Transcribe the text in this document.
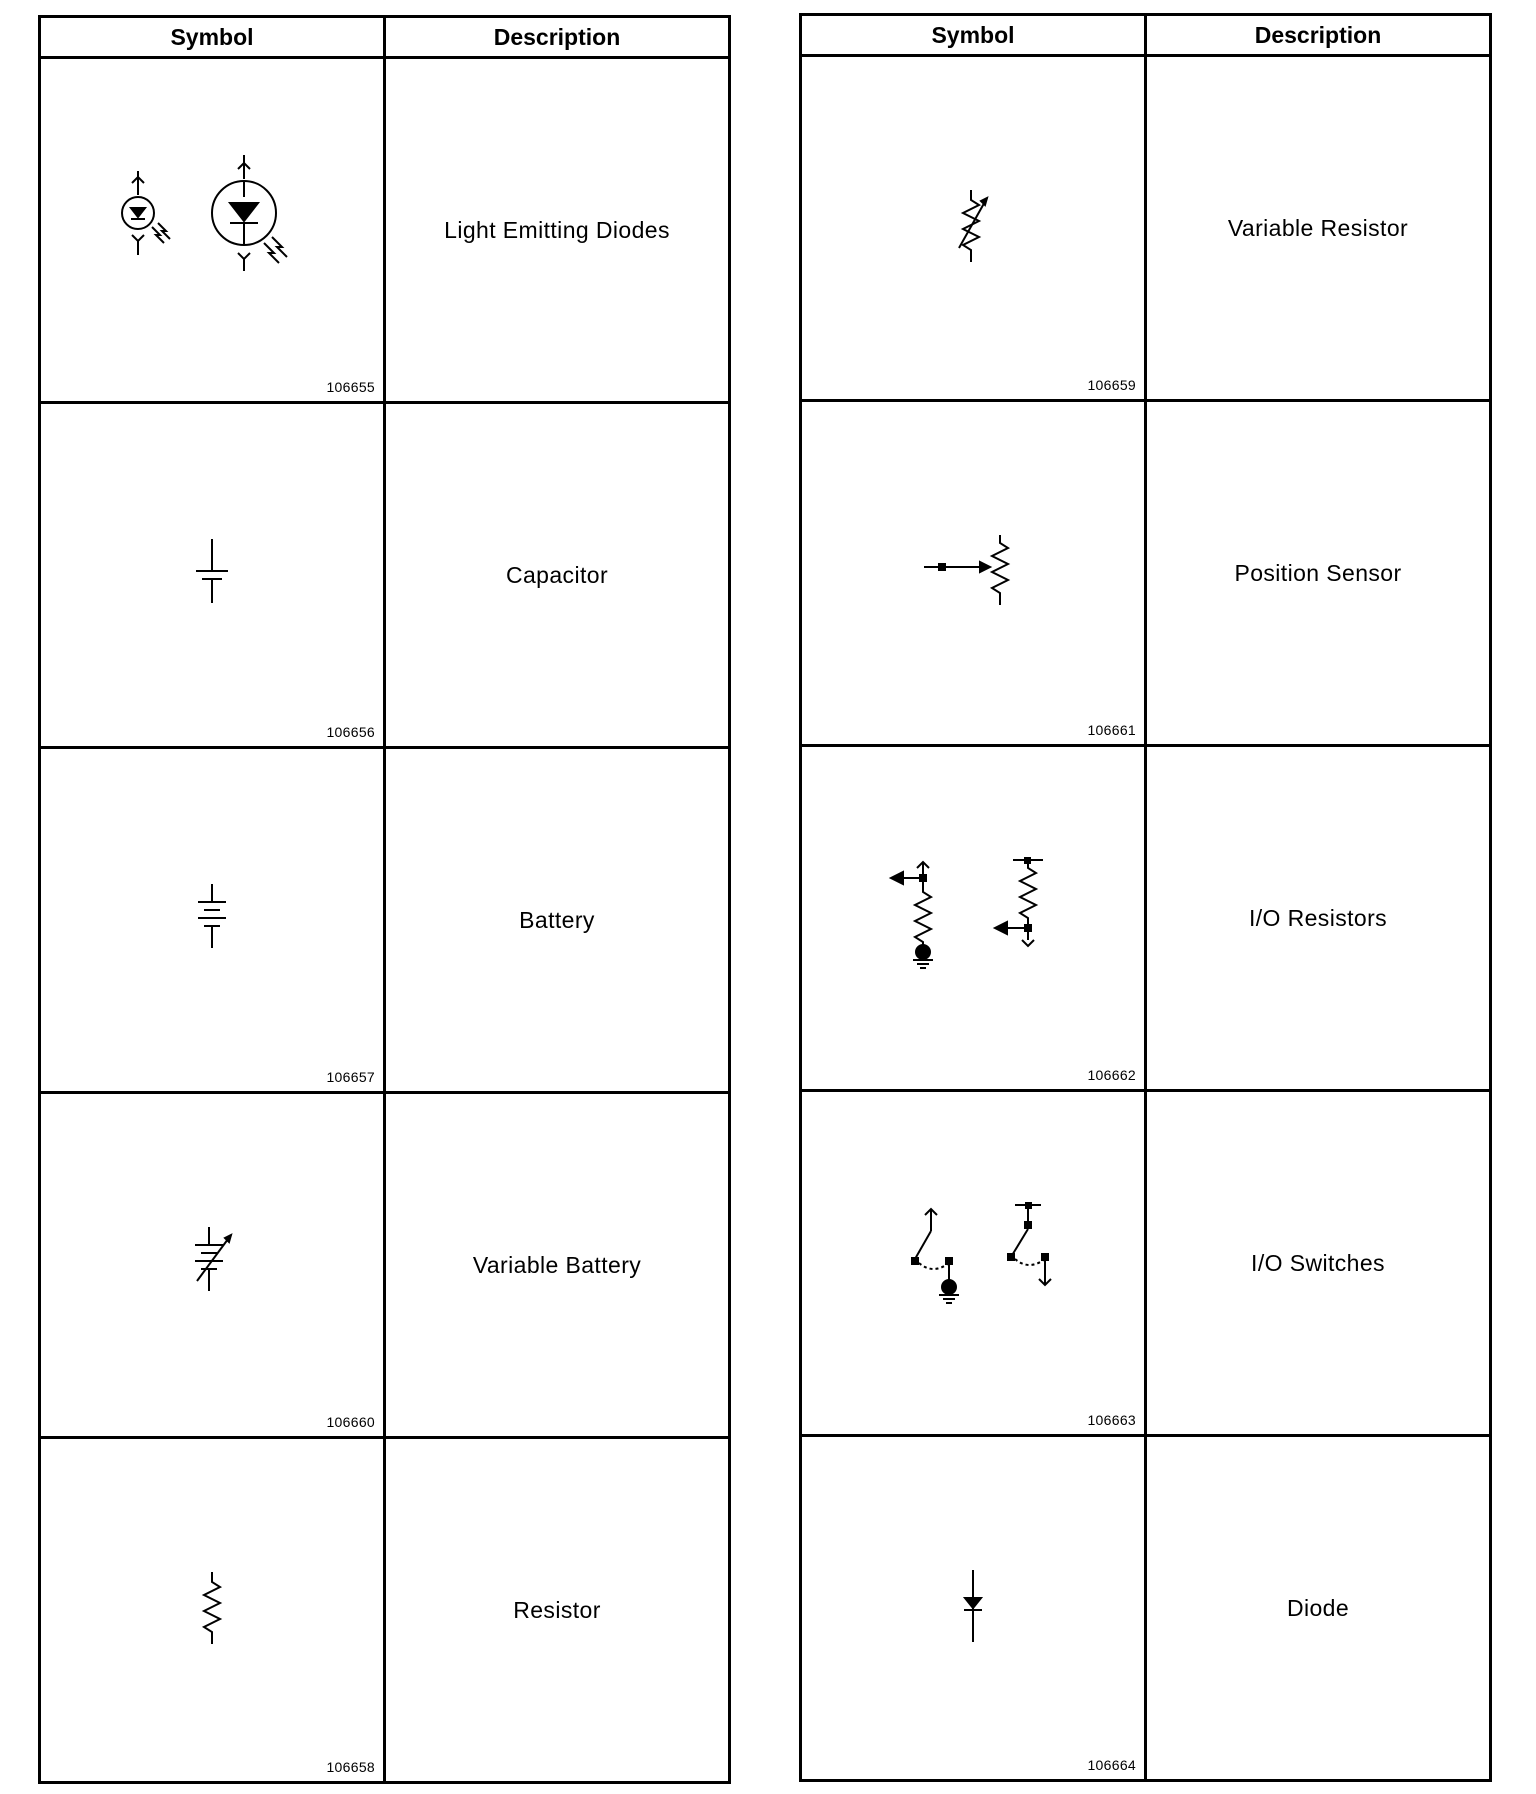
Symbol	Description

106655	Light Emitting Diodes

106656	Capacitor

106657	Battery

106660	Variable Battery

106658	Resistor
Symbol	Description

106659	Variable Resistor

106661	Position Sensor

106662	I/O Resistors

106663	I/O Switches

106664	Diode
